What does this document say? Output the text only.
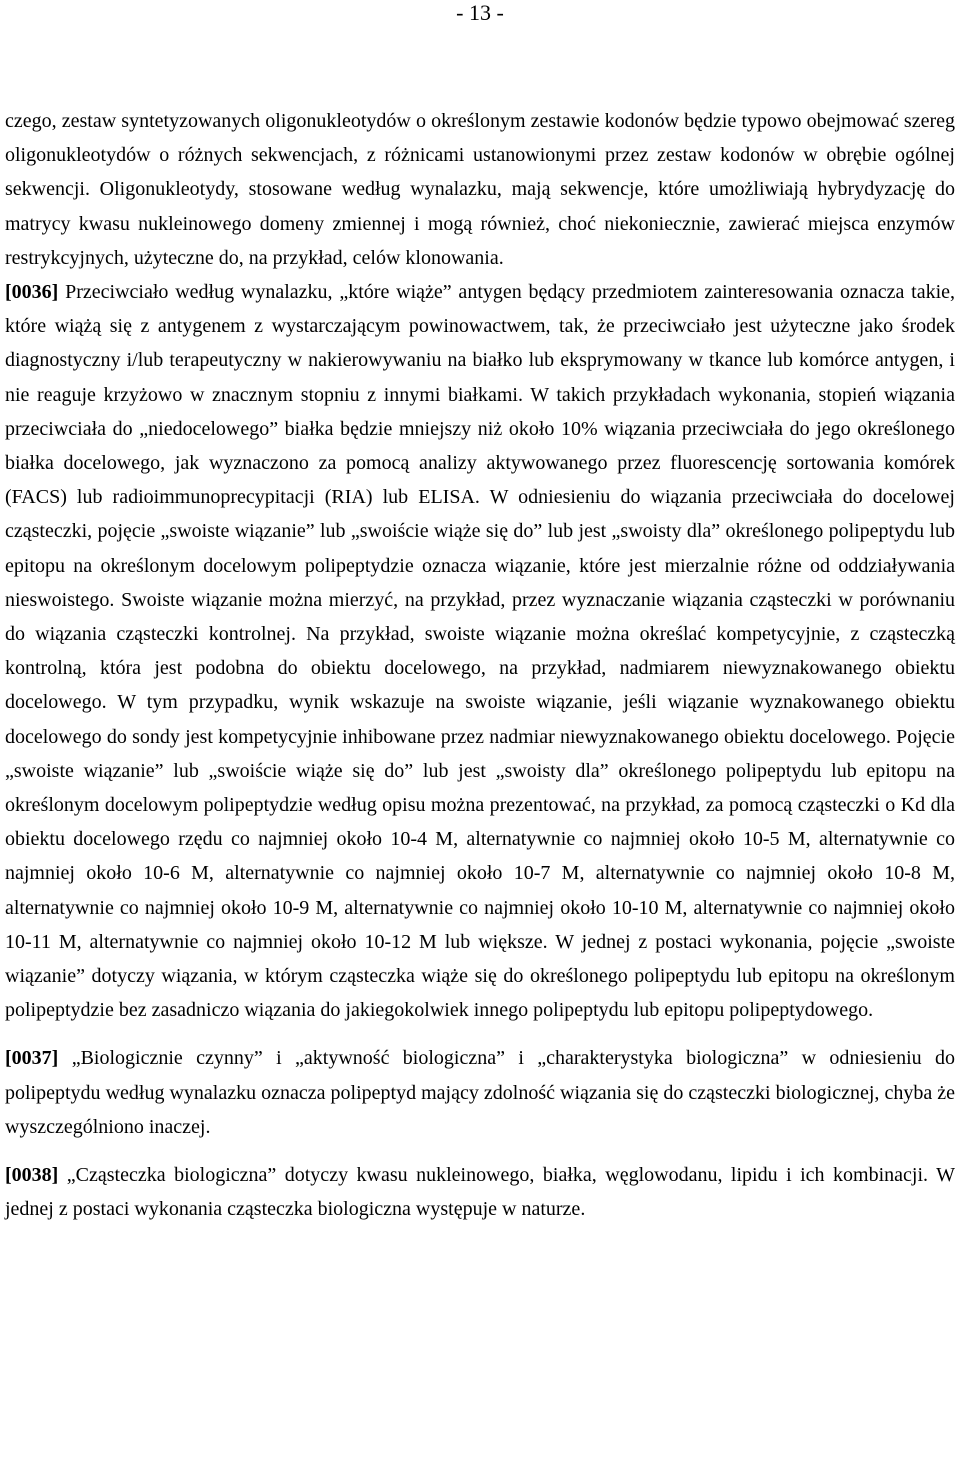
- 13 -

czego, zestaw syntetyzowanych oligonukleotydów o określonym zestawie kodonów będzie typowo obejmować szereg oligonukleotydów o różnych sekwencjach, z różnicami ustanowionymi przez zestaw kodonów w obrębie ogólnej sekwencji. Oligonukleotydy, stosowane według wynalazku, mają sekwencje, które umożliwiają hybrydyzację do matrycy kwasu nukleinowego domeny zmiennej i mogą również, choć niekoniecznie, zawierać miejsca enzymów restrykcyjnych, użyteczne do, na przykład, celów klonowania.

[0036] Przeciwciało według wynalazku, „które wiąże” antygen będący przedmiotem zainteresowania oznacza takie, które wiążą się z antygenem z wystarczającym powinowactwem, tak, że przeciwciało jest użyteczne jako środek diagnostyczny i/lub terapeutyczny w nakierowywaniu na białko lub eksprymowany w tkance lub komórce antygen, i nie reaguje krzyżowo w znacznym stopniu z innymi białkami. W takich przykładach wykonania, stopień wiązania przeciwciała do „niedocelowego” białka będzie mniejszy niż około 10% wiązania przeciwciała do jego określonego białka docelowego, jak wyznaczono za pomocą analizy aktywowanego przez fluorescencję sortowania komórek (FACS) lub radioimmunoprecypitacji (RIA) lub ELISA. W odniesieniu do wiązania przeciwciała do docelowej cząsteczki, pojęcie „swoiste wiązanie” lub „swoiście wiąże się do” lub jest „swoisty dla” określonego polipeptydu lub epitopu na określonym docelowym polipeptydzie oznacza wiązanie, które jest mierzalnie różne od oddziaływania nieswoistego. Swoiste wiązanie można mierzyć, na przykład, przez wyznaczanie wiązania cząsteczki w porównaniu do wiązania cząsteczki kontrolnej. Na przykład, swoiste wiązanie można określać kompetycyjnie, z cząsteczką kontrolną, która jest podobna do obiektu docelowego, na przykład, nadmiarem niewyznakowanego obiektu docelowego. W tym przypadku, wynik wskazuje na swoiste wiązanie, jeśli wiązanie wyznakowanego obiektu docelowego do sondy jest kompetycyjnie inhibowane przez nadmiar niewyznakowanego obiektu docelowego. Pojęcie „swoiste wiązanie” lub „swoiście wiąże się do” lub jest „swoisty dla” określonego polipeptydu lub epitopu na określonym docelowym polipeptydzie według opisu można prezentować, na przykład, za pomocą cząsteczki o Kd dla obiektu docelowego rzędu co najmniej około 10-4 M, alternatywnie co najmniej około 10-5 M, alternatywnie co najmniej około 10-6 M, alternatywnie co najmniej około 10-7 M, alternatywnie co najmniej około 10-8 M, alternatywnie co najmniej około 10-9 M, alternatywnie co najmniej około 10-10 M, alternatywnie co najmniej około 10-11 M, alternatywnie co najmniej około 10-12 M lub większe. W jednej z postaci wykonania, pojęcie „swoiste wiązanie” dotyczy wiązania, w którym cząsteczka wiąże się do określonego polipeptydu lub epitopu na określonym polipeptydzie bez zasadniczo wiązania do jakiegokolwiek innego polipeptydu lub epitopu polipeptydowego.

[0037] „Biologicznie czynny” i „aktywność biologiczna” i „charakterystyka biologiczna” w odniesieniu do polipeptydu według wynalazku oznacza polipeptyd mający zdolność wiązania się do cząsteczki biologicznej, chyba że wyszczególniono inaczej.

[0038] „Cząsteczka biologiczna” dotyczy kwasu nukleinowego, białka, węglowodanu, lipidu i ich kombinacji. W jednej z postaci wykonania cząsteczka biologiczna występuje w naturze.
